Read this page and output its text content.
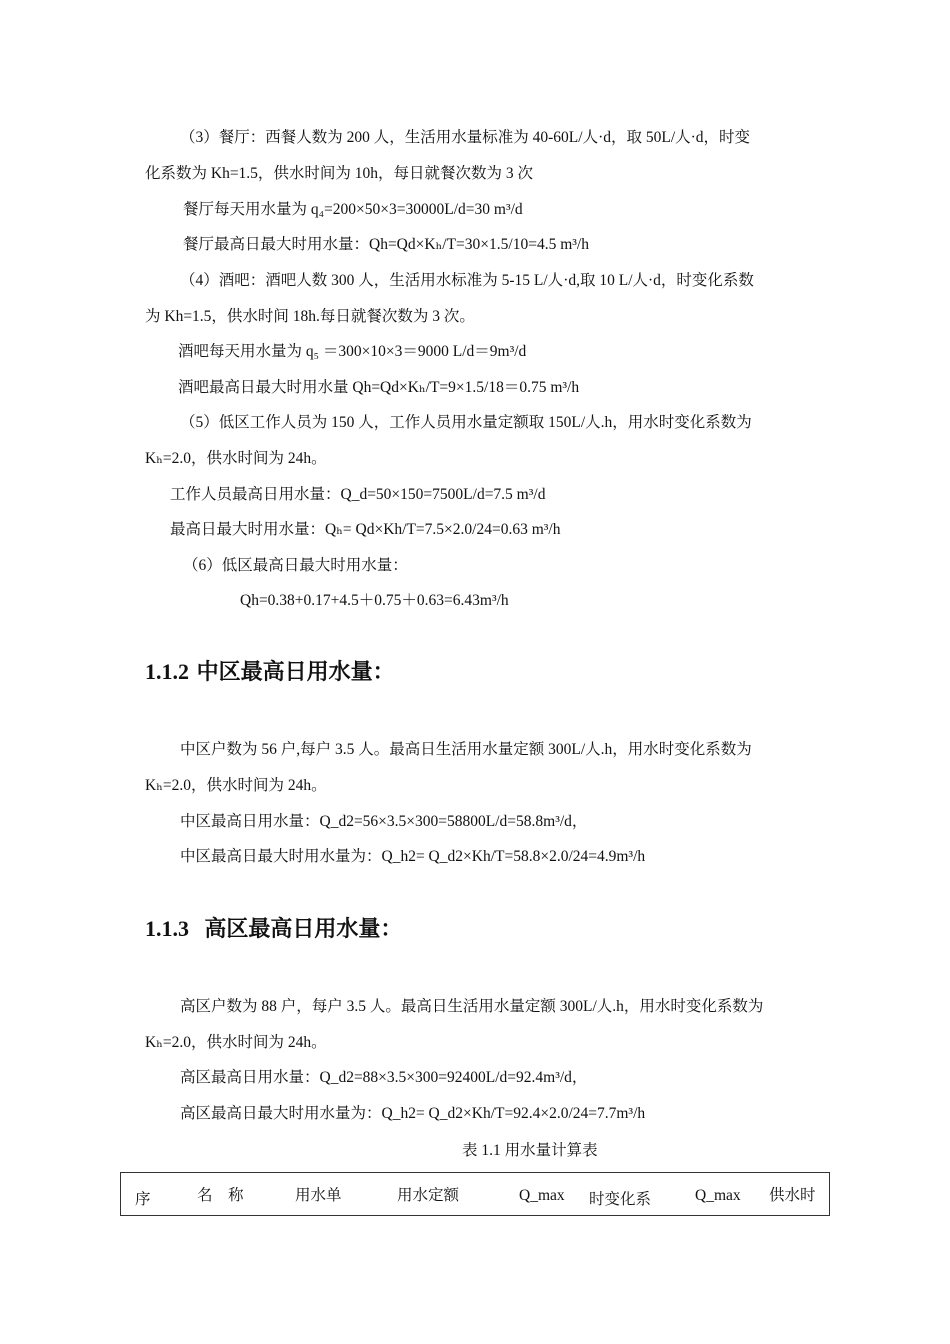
（3）餐厅：西餐人数为 200 人，生活用水量标准为 40-60L/人·d，取 50L/人·d，时变
化系数为 Kh=1.5，供水时间为 10h，每日就餐次数为 3 次
餐厅每天用水量为 q₄=200×50×3=30000L/d=30 m³/d
餐厅最高日最大时用水量：Qh=Qd×Kₕ/T=30×1.5/10=4.5 m³/h
（4）酒吧：酒吧人数 300 人，生活用水标准为 5-15 L/人·d,取 10 L/人·d，时变化系数
为 Kh=1.5，供水时间 18h.每日就餐次数为 3 次。
酒吧每天用水量为 q₅ ＝300×10×3＝9000 L/d＝9m³/d
酒吧最高日最大时用水量 Qh=Qd×Kₕ/T=9×1.5/18＝0.75 m³/h
（5）低区工作人员为 150 人，工作人员用水量定额取 150L/人.h，用水时变化系数为
Kₕ=2.0，供水时间为 24h。
工作人员最高日用水量：Q_d=50×150=7500L/d=7.5 m³/d
最高日最大时用水量：Qₕ= Qd×Kh/T=7.5×2.0/24=0.63 m³/h
（6）低区最高日最大时用水量：
Qh=0.38+0.17+4.5＋0.75＋0.63=6.43m³/h
1.1.2 中区最高日用水量：
中区户数为 56 户,每户 3.5 人。最高日生活用水量定额 300L/人.h，用水时变化系数为
Kₕ=2.0，供水时间为 24h。
中区最高日用水量：Q_d2=56×3.5×300=58800L/d=58.8m³/d，
中区最高日最大时用水量为：Q_h2= Q_d2×Kh/T=58.8×2.0/24=4.9m³/h
1.1.3 高区最高日用水量：
高区户数为 88 户，每户 3.5 人。最高日生活用水量定额 300L/人.h，用水时变化系数为
Kₕ=2.0，供水时间为 24h。
高区最高日用水量：Q_d2=88×3.5×300=92400L/d=92.4m³/d，
高区最高日最大时用水量为：Q_h2= Q_d2×Kh/T=92.4×2.0/24=7.7m³/h
表 1.1 用水量计算表
序	名　称	用水单	用水定额	Q_max	时变化系	Q_max	供水时
